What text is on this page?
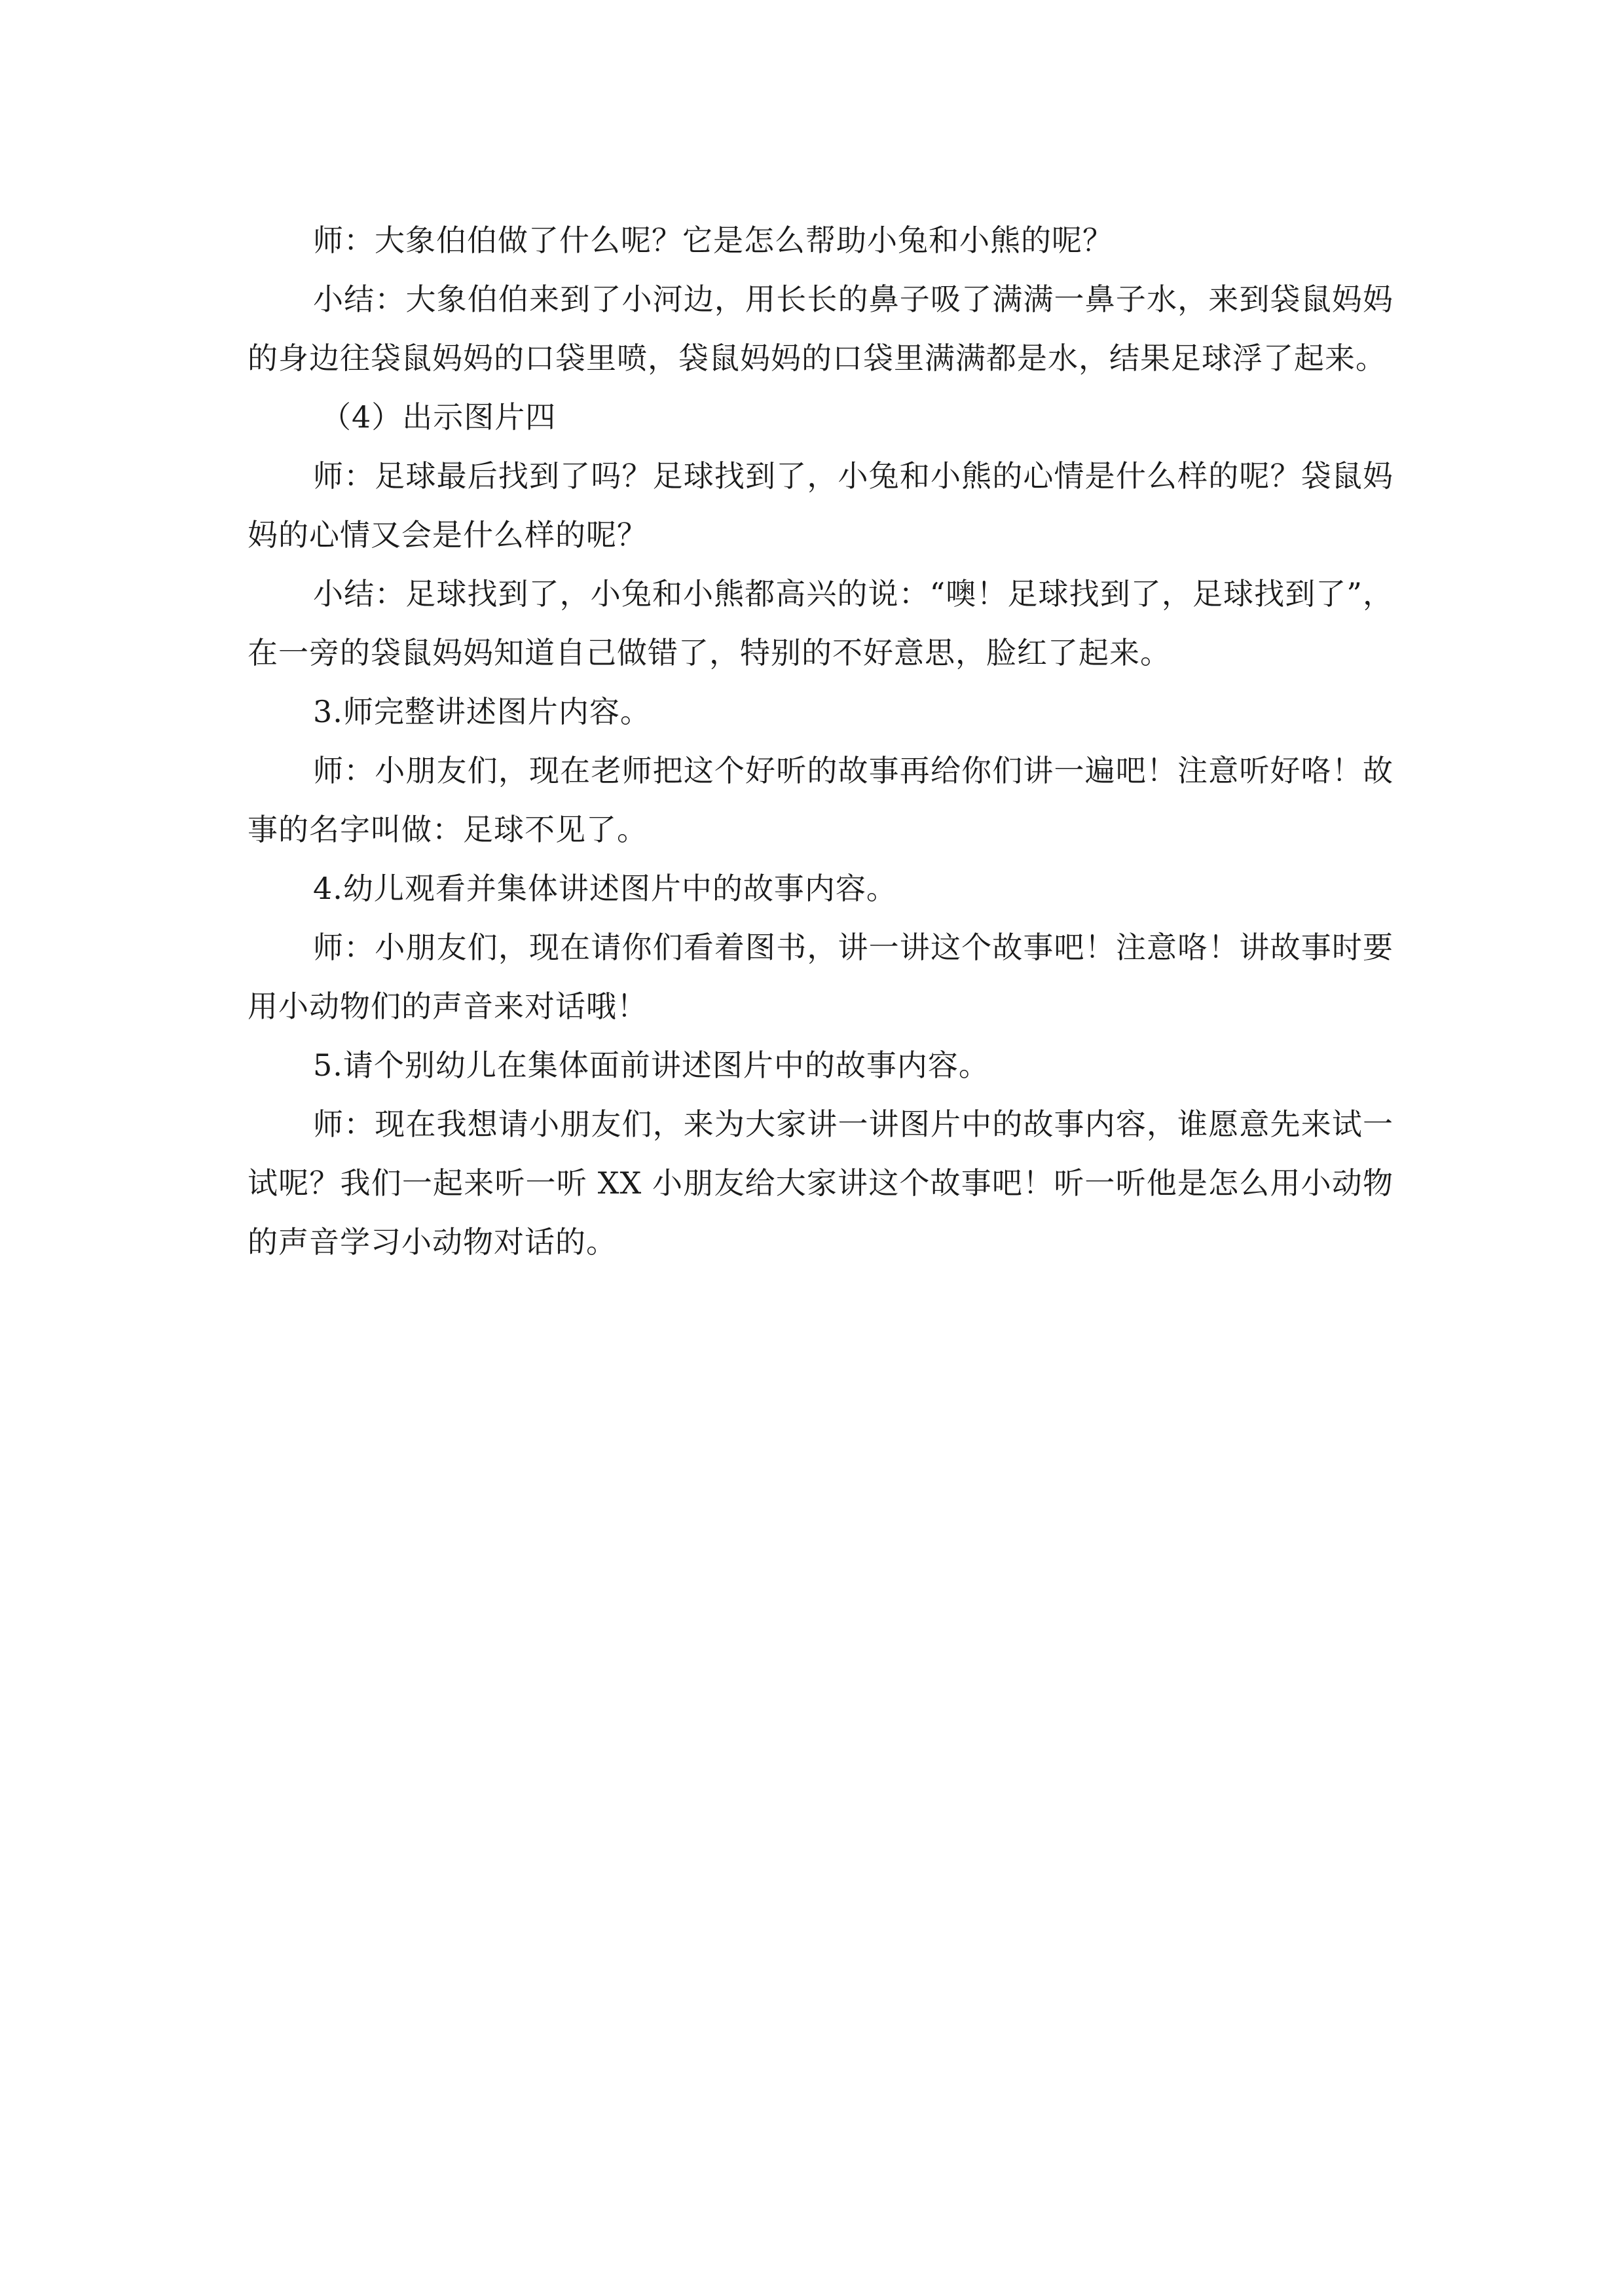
师：大象伯伯做了什么呢？它是怎么帮助小兔和小熊的呢？

小结：大象伯伯来到了小河边，用长长的鼻子吸了满满一鼻子水，来到袋鼠妈妈的身边往袋鼠妈妈的口袋里喷，袋鼠妈妈的口袋里满满都是水，结果足球浮了起来。

（4）出示图片四

师：足球最后找到了吗？足球找到了，小兔和小熊的心情是什么样的呢？袋鼠妈妈的心情又会是什么样的呢？

小结：足球找到了，小兔和小熊都高兴的说：“噢！足球找到了，足球找到了”，在一旁的袋鼠妈妈知道自己做错了，特别的不好意思，脸红了起来。

3.师完整讲述图片内容。

师：小朋友们，现在老师把这个好听的故事再给你们讲一遍吧！注意听好咯！故事的名字叫做：足球不见了。

4.幼儿观看并集体讲述图片中的故事内容。

师：小朋友们，现在请你们看着图书，讲一讲这个故事吧！注意咯！讲故事时要用小动物们的声音来对话哦！

5.请个别幼儿在集体面前讲述图片中的故事内容。

师：现在我想请小朋友们，来为大家讲一讲图片中的故事内容，谁愿意先来试一试呢？我们一起来听一听 XX 小朋友给大家讲这个故事吧！听一听他是怎么用小动物的声音学习小动物对话的。
